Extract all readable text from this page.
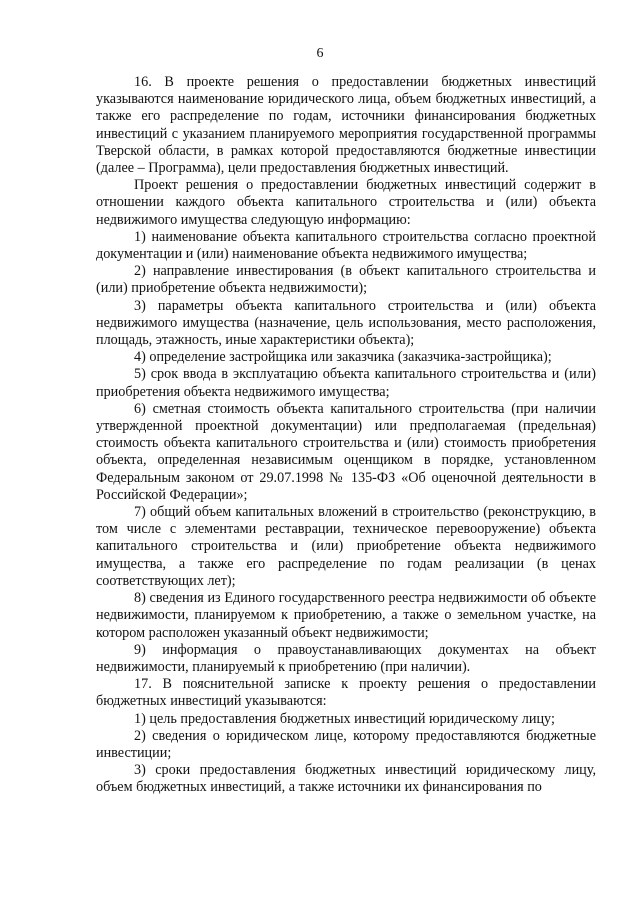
6

16. В проекте решения о предоставлении бюджетных инвестиций указываются наименование юридического лица, объем бюджетных инвестиций, а также его распределение по годам, источники финансирования бюджетных инвестиций с указанием планируемого мероприятия государственной программы Тверской области, в рамках которой предоставляются бюджетные инвестиции (далее – Программа), цели предоставления бюджетных инвестиций.

Проект решения о предоставлении бюджетных инвестиций содержит в отношении каждого объекта капитального строительства и (или) объекта недвижимого имущества следующую информацию:

1) наименование объекта капитального строительства согласно проектной документации и (или) наименование объекта недвижимого имущества;

2) направление инвестирования (в объект капитального строительства и (или) приобретение объекта недвижимости);

3) параметры объекта капитального строительства и (или) объекта недвижимого имущества (назначение, цель использования, место расположения, площадь, этажность, иные характеристики объекта);

4) определение застройщика или заказчика (заказчика-застройщика);

5) срок ввода в эксплуатацию объекта капитального строительства и (или) приобретения объекта недвижимого имущества;

6) сметная стоимость объекта капитального строительства (при наличии утвержденной проектной документации) или предполагаемая (предельная) стоимость объекта капитального строительства и (или) стоимость приобретения объекта, определенная независимым оценщиком в порядке, установленном Федеральным законом от 29.07.1998 № 135-ФЗ «Об оценочной деятельности в Российской Федерации»;

7) общий объем капитальных вложений в строительство (реконструкцию, в том числе с элементами реставрации, техническое перевооружение) объекта капитального строительства и (или) приобретение объекта недвижимого имущества, а также его распределение по годам реализации (в ценах соответствующих лет);

8) сведения из Единого государственного реестра недвижимости об объекте недвижимости, планируемом к приобретению, а также о земельном участке, на котором расположен указанный объект недвижимости;

9) информация о правоустанавливающих документах на объект недвижимости, планируемый к приобретению (при наличии).

17. В пояснительной записке к проекту решения о предоставлении бюджетных инвестиций указываются:

1) цель предоставления бюджетных инвестиций юридическому лицу;

2) сведения о юридическом лице, которому предоставляются бюджетные инвестиции;

3) сроки предоставления бюджетных инвестиций юридическому лицу, объем бюджетных инвестиций, а также источники их финансирования по
